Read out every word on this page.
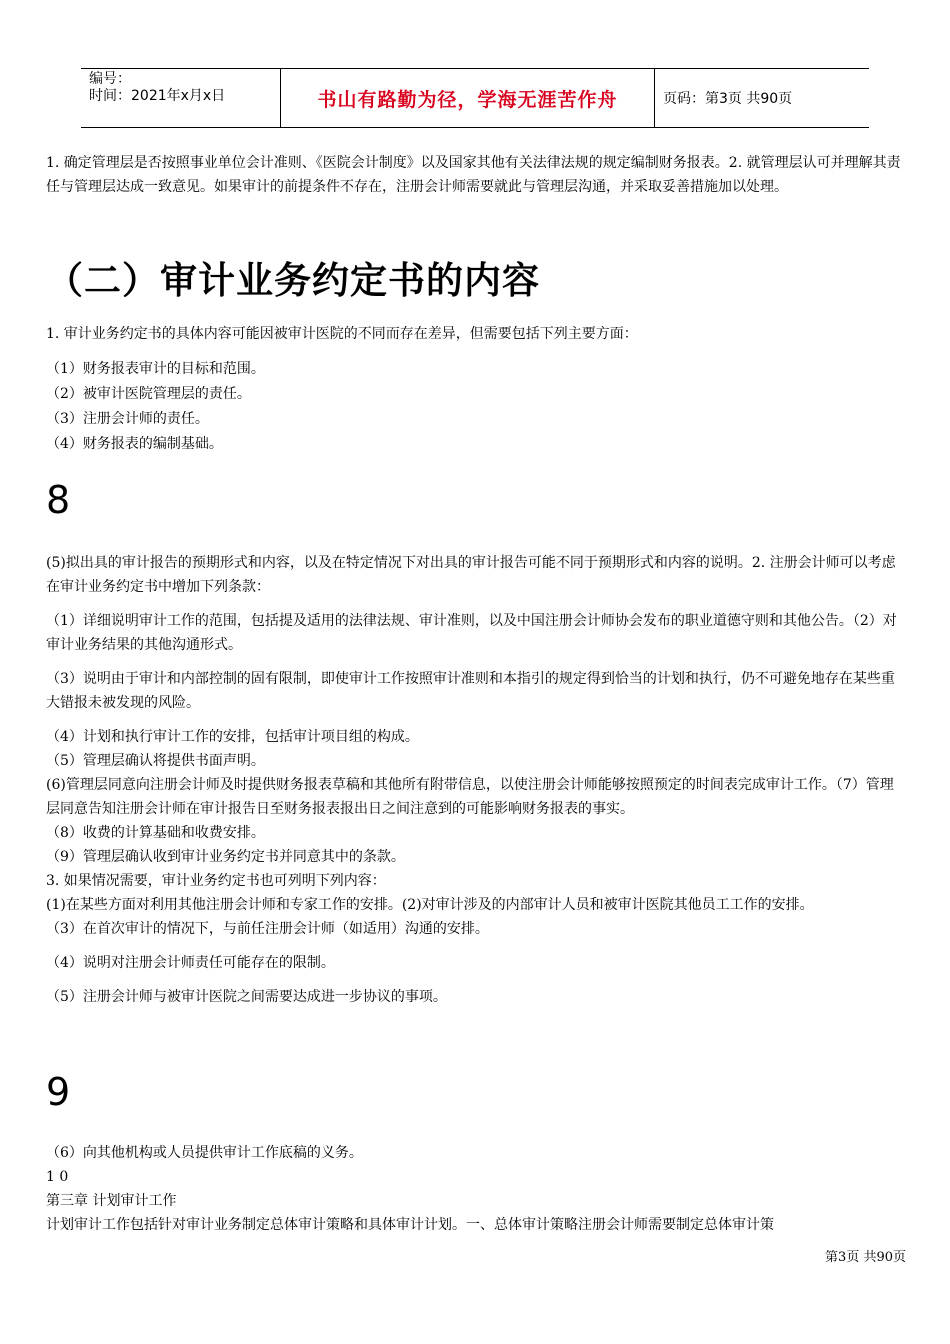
编号：
时间：2021年x月x日	书山有路勤为径，学海无涯苦作舟	页码：第3页 共90页

1. 确定管理层是否按照事业单位会计准则、《医院会计制度》以及国家其他有关法律法规的规定编制财务报表。2. 就管理层认可并理解其责任与管理层达成一致意见。如果审计的前提条件不存在，注册会计师需要就此与管理层沟通，并采取妥善措施加以处理。

（二）审计业务约定书的内容

1. 审计业务约定书的具体内容可能因被审计医院的不同而存在差异，但需要包括下列主要方面：

（1）财务报表审计的目标和范围。

（2）被审计医院管理层的责任。

（3）注册会计师的责任。

（4）财务报表的编制基础。

8

(5)拟出具的审计报告的预期形式和内容，以及在特定情况下对出具的审计报告可能不同于预期形式和内容的说明。2. 注册会计师可以考虑在审计业务约定书中增加下列条款：

（1）详细说明审计工作的范围，包括提及适用的法律法规、审计准则，以及中国注册会计师协会发布的职业道德守则和其他公告。（2）对审计业务结果的其他沟通形式。

（3）说明由于审计和内部控制的固有限制，即使审计工作按照审计准则和本指引的规定得到恰当的计划和执行，仍不可避免地存在某些重大错报未被发现的风险。

（4）计划和执行审计工作的安排，包括审计项目组的构成。

（5）管理层确认将提供书面声明。

(6)管理层同意向注册会计师及时提供财务报表草稿和其他所有附带信息，以使注册会计师能够按照预定的时间表完成审计工作。（7）管理层同意告知注册会计师在审计报告日至财务报表报出日之间注意到的可能影响财务报表的事实。

（8）收费的计算基础和收费安排。

（9）管理层确认收到审计业务约定书并同意其中的条款。

3. 如果情况需要，审计业务约定书也可列明下列内容：

(1)在某些方面对利用其他注册会计师和专家工作的安排。(2)对审计涉及的内部审计人员和被审计医院其他员工工作的安排。

（3）在首次审计的情况下，与前任注册会计师（如适用）沟通的安排。

（4）说明对注册会计师责任可能存在的限制。

（5）注册会计师与被审计医院之间需要达成进一步协议的事项。

9

（6）向其他机构或人员提供审计工作底稿的义务。

1 0

第三章 计划审计工作

计划审计工作包括针对审计业务制定总体审计策略和具体审计计划。一、总体审计策略注册会计师需要制定总体审计策

第3页 共90页
